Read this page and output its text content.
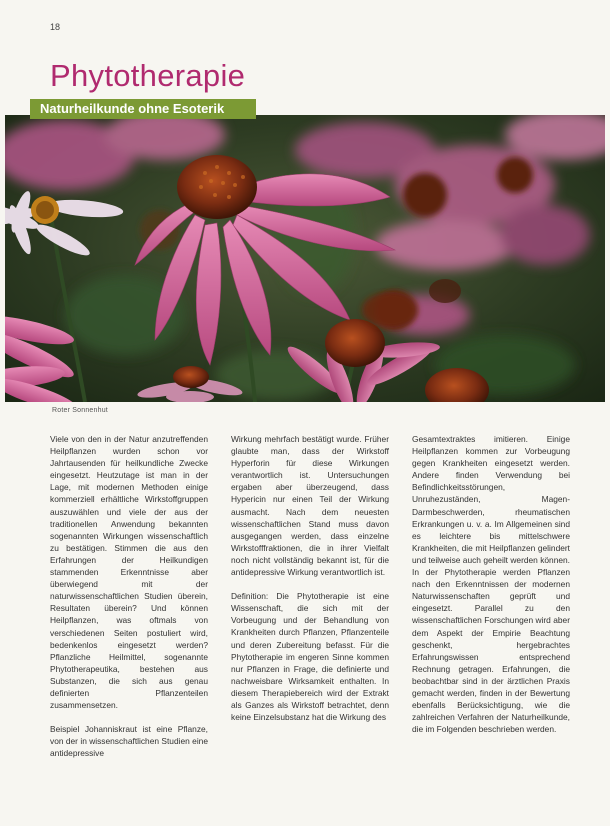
18
Phytotherapie
Naturheilkunde ohne Esoterik
Roter Sonnenhut

Viele von den in der Natur anzutreffenden Heilpflanzen wurden schon vor Jahrtausenden für heilkundliche Zwecke eingesetzt. Heutzutage ist man in der Lage, mit modernen Methoden einige kommerziell erhältliche Wirkstoffgruppen auszuwählen und viele der aus der traditionellen Anwendung bekannten sogenannten Wirkungen wissenschaftlich zu bestätigen. Stimmen die aus den Erfahrungen der Heilkundigen stammenden Erkenntnisse aber überwiegend mit der naturwissenschaftlichen Studien überein, Resultaten überein? Und können Heilpflanzen, was oftmals von verschiedenen Seiten postuliert wird, bedenkenlos eingesetzt werden? Pflanzliche Heilmittel, sogenannte Phytotherapeutika, bestehen aus Substanzen, die sich aus genau definierten Pflanzenteilen zusammensetzen.

Beispiel Johanniskraut ist eine Pflanze, von der in wissenschaftlichen Studien eine antidepressive

Wirkung mehrfach bestätigt wurde. Früher glaubte man, dass der Wirkstoff Hyperforin für diese Wirkungen verantwortlich ist. Untersuchungen ergaben aber überzeugend, dass Hypericin nur einen Teil der Wirkung ausmacht. Nach dem neuesten wissenschaftlichen Stand muss davon ausgegangen werden, dass einzelne Wirkstofffraktionen, die in ihrer Vielfalt noch nicht vollständig bekannt ist, für die antidepressive Wirkung verantwortlich ist.

Definition: Die Phytotherapie ist eine Wissenschaft, die sich mit der Vorbeugung und der Behandlung von Krankheiten durch Pflanzen, Pflanzenteile und deren Zubereitung befasst. Für die Phytotherapie im engeren Sinne kommen nur Pflanzen in Frage, die definierte und nachweisbare Wirksamkeit enthalten. In diesem Therapiebereich wird der Extrakt als Ganzes als Wirkstoff betrachtet, denn keine Einzelsubstanz hat die Wirkung des

Gesamtextraktes imitieren. Einige Heilpflanzen kommen zur Vorbeugung gegen Krankheiten eingesetzt werden. Andere finden Verwendung bei Befindlichkeitsstörungen, Unruhezuständen, Magen-Darmbeschwerden, rheumatischen Erkrankungen u. v. a. Im Allgemeinen sind es leichtere bis mittelschwere Krankheiten, die mit Heilpflanzen gelindert und teilweise auch geheilt werden können. In der Phytotherapie werden Pflanzen nach den Erkenntnissen der modernen Naturwissenschaften geprüft und eingesetzt. Parallel zu den wissenschaftlichen Forschungen wird aber dem Aspekt der Empirie Beachtung geschenkt, hergebrachtes Erfahrungswissen entsprechend Rechnung getragen. Erfahrungen, die beobachtbar sind in der ärztlichen Praxis gemacht werden, finden in der Bewertung ebenfalls Berücksichtigung, wie die zahlreichen Verfahren der Naturheilkunde, die im Folgenden beschrieben werden.
